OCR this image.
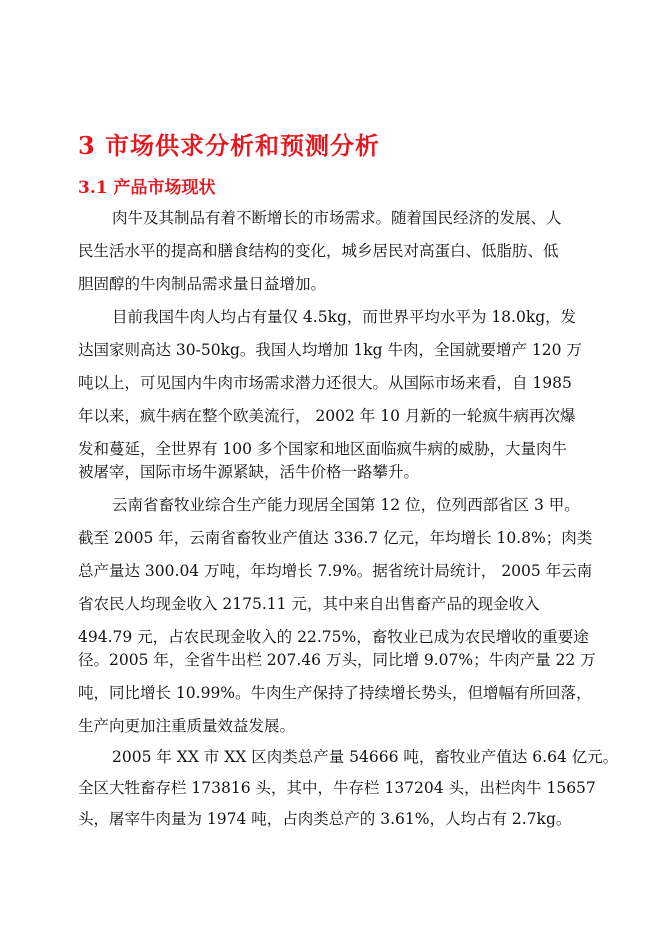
3 市场供求分析和预测分析
3.1 产品市场现状
肉牛及其制品有着不断增长的市场需求。随着国民经济的发展、人
民生活水平的提高和膳食结构的变化，城乡居民对高蛋白、低脂肪、低
胆固醇的牛肉制品需求量日益增加。
目前我国牛肉人均占有量仅 4.5kg，而世界平均水平为 18.0kg，发
达国家则高达 30-50kg。我国人均增加 1kg 牛肉，全国就要增产 120 万
吨以上，可见国内牛肉市场需求潜力还很大。从国际市场来看，自 1985
年以来，疯牛病在整个欧美流行， 2002 年 10 月新的一轮疯牛病再次爆
发和蔓延，全世界有 100 多个国家和地区面临疯牛病的威胁，大量肉牛
被屠宰，国际市场牛源紧缺，活牛价格一路攀升。
云南省畜牧业综合生产能力现居全国第 12 位，位列西部省区 3 甲。
截至 2005 年，云南省畜牧业产值达 336.7 亿元，年均增长 10.8%；肉类
总产量达 300.04 万吨，年均增长 7.9%。据省统计局统计， 2005 年云南
省农民人均现金收入 2175.11 元，其中来自出售畜产品的现金收入
494.79 元，占农民现金收入的 22.75%，畜牧业已成为农民增收的重要途
径。2005 年，全省牛出栏 207.46 万头，同比增 9.07%；牛肉产量 22 万
吨，同比增长 10.99%。牛肉生产保持了持续增长势头，但增幅有所回落，
生产向更加注重质量效益发展。
2005 年 XX 市 XX 区肉类总产量 54666 吨，畜牧业产值达 6.64 亿元。
全区大牲畜存栏 173816 头，其中，牛存栏 137204 头，出栏肉牛 15657
头，屠宰牛肉量为 1974 吨，占肉类总产的 3.61%，人均占有 2.7kg。
